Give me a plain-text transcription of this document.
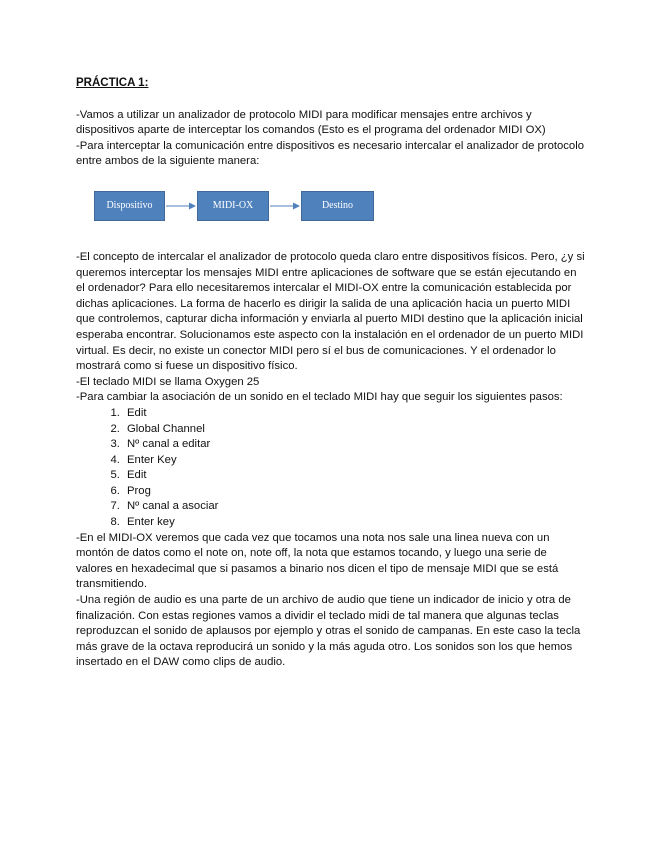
PRÁCTICA 1:

-Vamos a utilizar un analizador de protocolo MIDI para modificar mensajes entre archivos y dispositivos aparte de interceptar los comandos (Esto es el programa del ordenador MIDI OX)

-Para interceptar la comunicación entre dispositivos es necesario intercalar el analizador de protocolo entre ambos de la siguiente manera:

Dispositivo	MIDI-OX	Destino

-El concepto de intercalar el analizador de protocolo queda claro entre dispositivos físicos. Pero, ¿y si queremos interceptar los mensajes MIDI entre aplicaciones de software que se están ejecutando en el ordenador? Para ello necesitaremos intercalar el MIDI-OX entre la comunicación establecida por dichas aplicaciones. La forma de hacerlo es dirigir la salida de una aplicación hacia un puerto MIDI que controlemos, capturar dicha información y enviarla al puerto MIDI destino que la aplicación inicial esperaba encontrar. Solucionamos este aspecto con la instalación en el ordenador de un puerto MIDI virtual. Es decir, no existe un conector MIDI pero sí el bus de comunicaciones. Y el ordenador lo mostrará como si fuese un dispositivo físico.

-El teclado MIDI se llama Oxygen 25

-Para cambiar la asociación de un sonido en el teclado MIDI hay que seguir los siguientes pasos:

1. Edit
2. Global Channel
3. Nº canal a editar
4. Enter Key
5. Edit
6. Prog
7. Nº canal a asociar
8. Enter key

-En el MIDI-OX veremos que cada vez que tocamos una nota nos sale una linea nueva con un montón de datos como el note on, note off, la nota que estamos tocando, y luego una serie de valores en hexadecimal que si pasamos a binario nos dicen el tipo de mensaje MIDI que se está transmitiendo.

-Una región de audio es una parte de un archivo de audio que tiene un indicador de inicio y otra de finalización. Con estas regiones vamos a dividir el teclado midi de tal manera que algunas teclas reproduzcan el sonido de aplausos por ejemplo y otras el sonido de campanas. En este caso la tecla más grave de la octava reproducirá un sonido y la más aguda otro. Los sonidos son los que hemos insertado en el DAW como clips de audio.
